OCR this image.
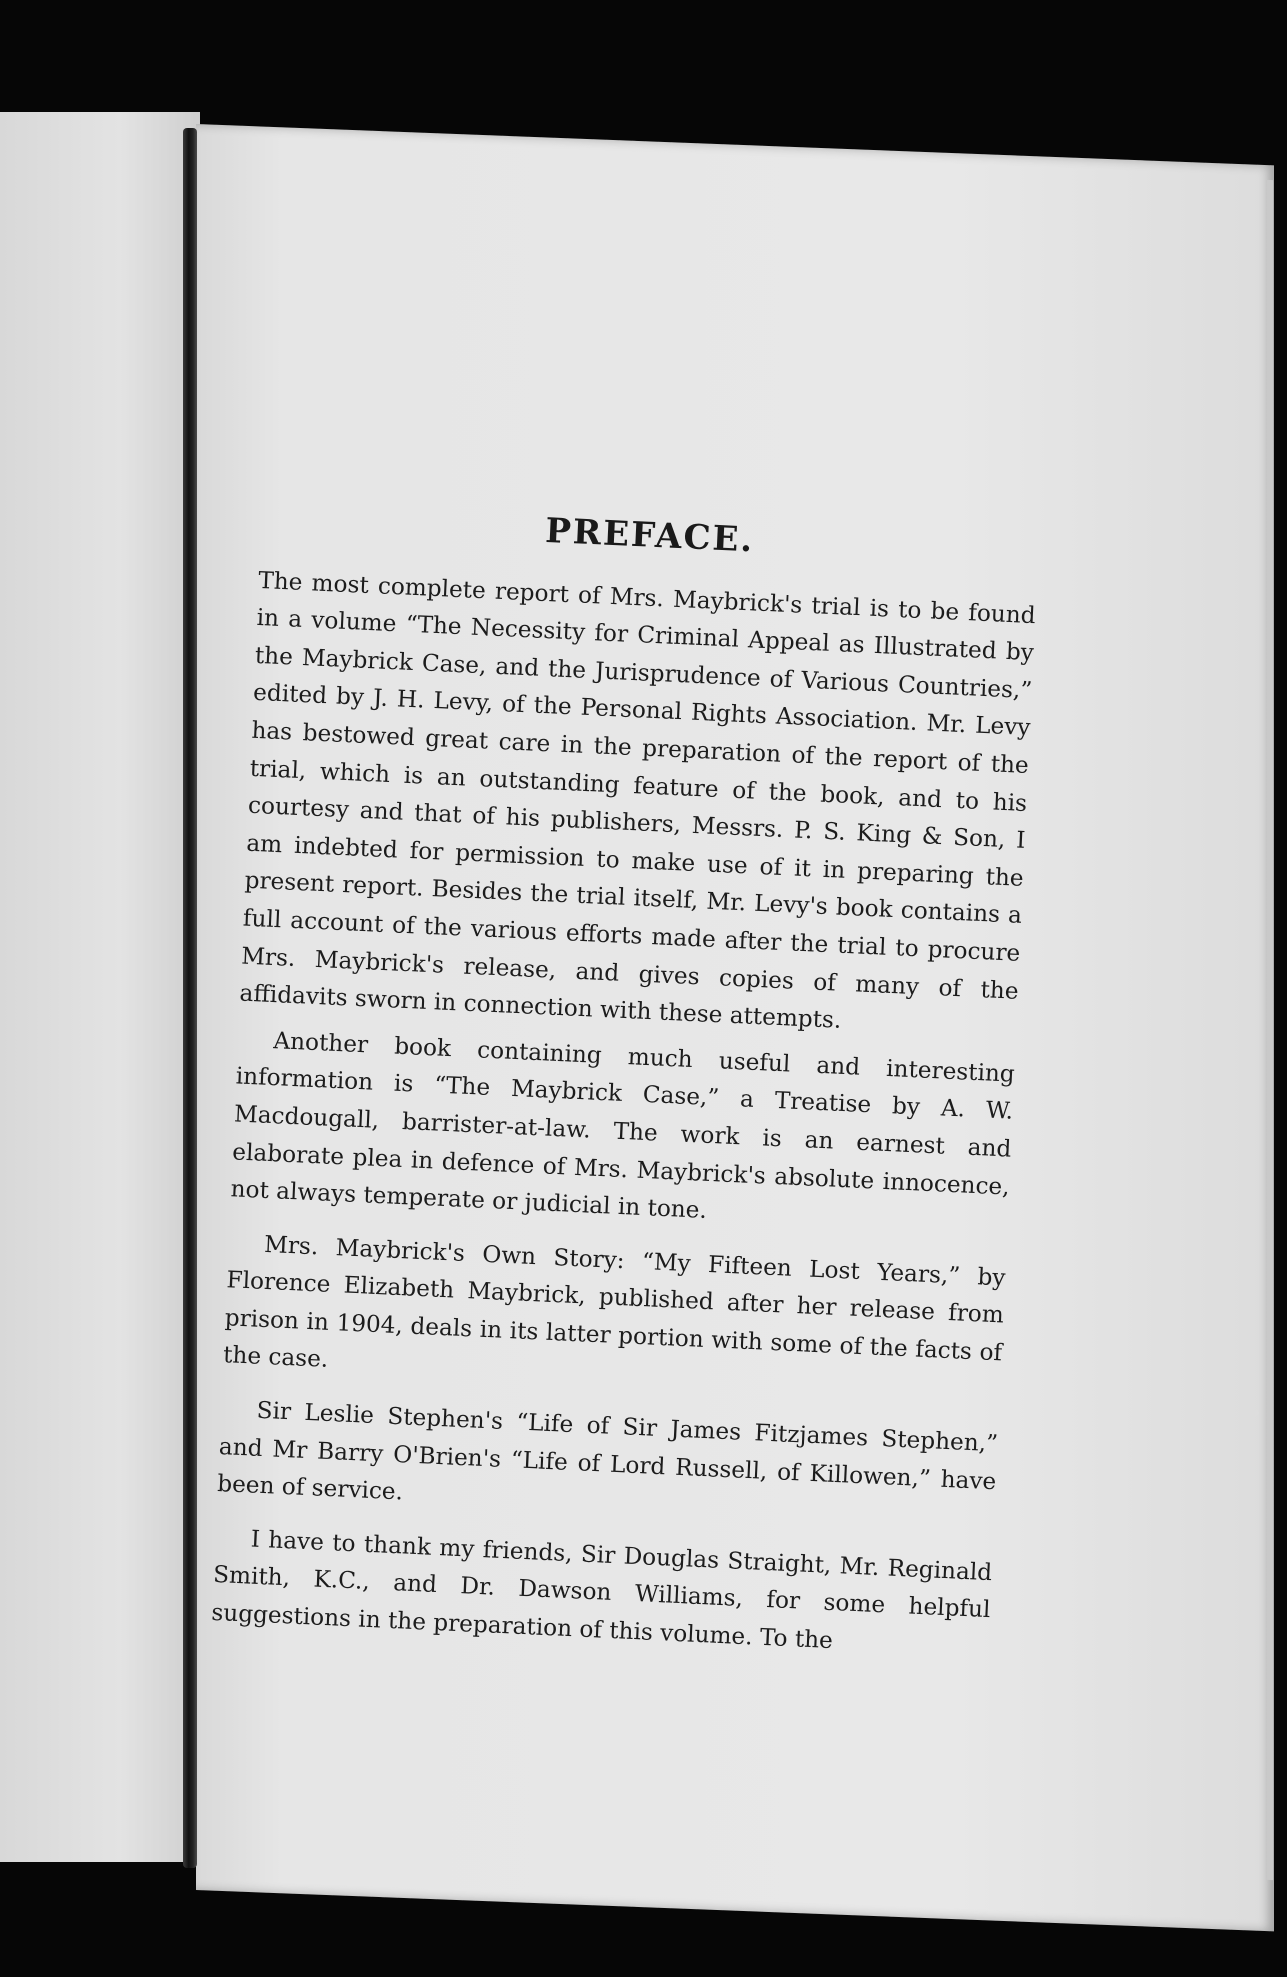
PREFACE.

The most complete report of Mrs. Maybrick's trial is to be found in a volume “The Necessity for Criminal Appeal as Illustrated by the Maybrick Case, and the Jurisprudence of Various Countries,” edited by J. H. Levy, of the Personal Rights Association. Mr. Levy has bestowed great care in the preparation of the report of the trial, which is an outstanding feature of the book, and to his courtesy and that of his publishers, Messrs. P. S. King & Son, I am indebted for permission to make use of it in preparing the present report. Besides the trial itself, Mr. Levy's book contains a full account of the various efforts made after the trial to procure Mrs. Maybrick's release, and gives copies of many of the affidavits sworn in connection with these attempts.

Another book containing much useful and interesting information is “The Maybrick Case,” a Treatise by A. W. Macdougall, barrister-at-law. The work is an earnest and elaborate plea in defence of Mrs. Maybrick's absolute innocence, not always temperate or judicial in tone.

Mrs. Maybrick's Own Story: “My Fifteen Lost Years,” by Florence Elizabeth Maybrick, published after her release from prison in 1904, deals in its latter portion with some of the facts of the case.

Sir Leslie Stephen's “Life of Sir James Fitzjames Stephen,” and Mr Barry O'Brien's “Life of Lord Russell, of Killowen,” have been of service.

I have to thank my friends, Sir Douglas Straight, Mr. Reginald Smith, K.C., and Dr. Dawson Williams, for some helpful suggestions in the preparation of this volume. To the
